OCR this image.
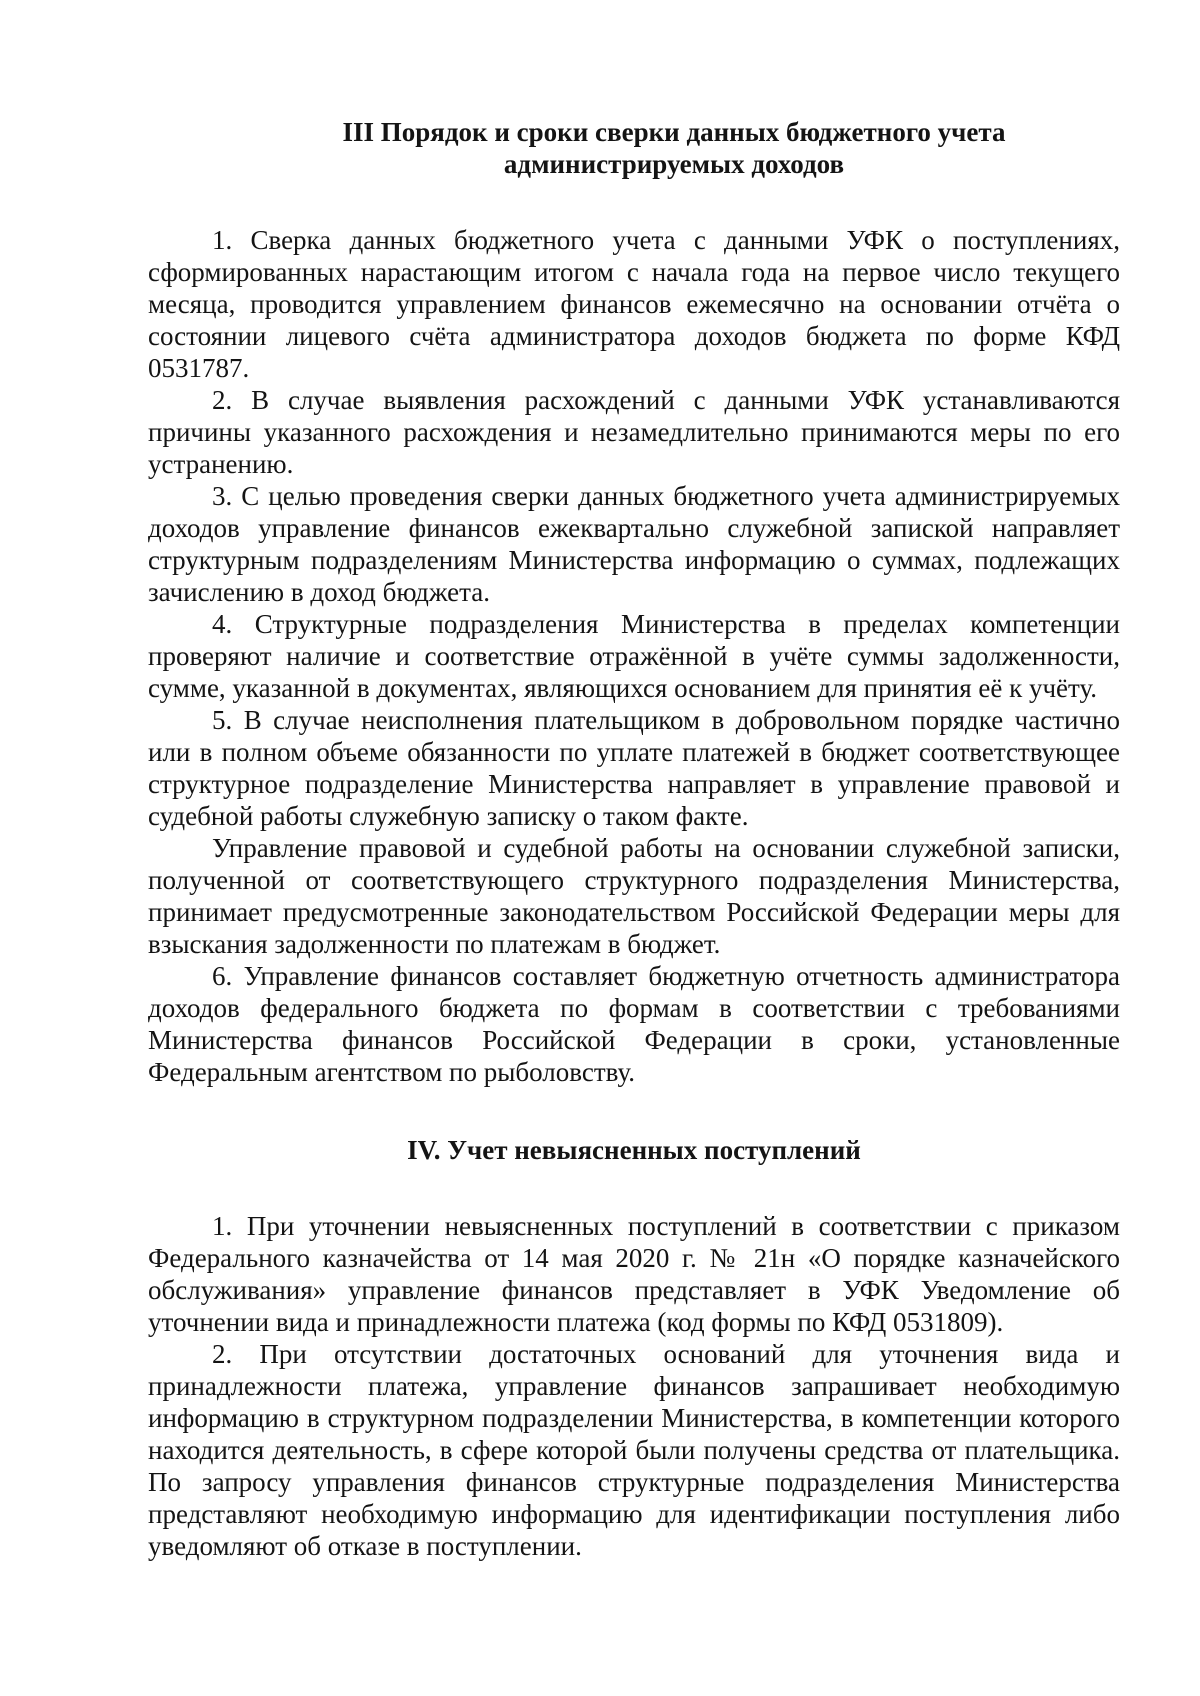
III Порядок и сроки сверки данных бюджетного учета
администрируемых доходов

1. Сверка данных бюджетного учета с данными УФК о поступлениях, сформированных нарастающим итогом с начала года на первое число текущего месяца, проводится управлением финансов ежемесячно на основании отчёта о состоянии лицевого счёта администратора доходов бюджета по форме КФД 0531787.

2. В случае выявления расхождений с данными УФК устанавливаются причины указанного расхождения и незамедлительно принимаются меры по его устранению.

3. С целью проведения сверки данных бюджетного учета администрируемых доходов управление финансов ежеквартально служебной запиской направляет структурным подразделениям Министерства информацию о суммах, подлежащих зачислению в доход бюджета.

4. Структурные подразделения Министерства в пределах компетенции проверяют наличие и соответствие отражённой в учёте суммы задолженности, сумме, указанной в документах, являющихся основанием для принятия её к учёту.

5. В случае неисполнения плательщиком в добровольном порядке частично или в полном объеме обязанности по уплате платежей в бюджет соответствующее структурное подразделение Министерства направляет в управление правовой и судебной работы служебную записку о таком факте.

Управление правовой и судебной работы на основании служебной записки, полученной от соответствующего структурного подразделения Министерства, принимает предусмотренные законодательством Российской Федерации меры для взыскания задолженности по платежам в бюджет.

6. Управление финансов составляет бюджетную отчетность администратора доходов федерального бюджета по формам в соответствии с требованиями Министерства финансов Российской Федерации в сроки, установленные Федеральным агентством по рыболовству.

IV. Учет невыясненных поступлений

1. При уточнении невыясненных поступлений в соответствии с приказом Федерального казначейства от 14 мая 2020 г. № 21н «О порядке казначейского обслуживания» управление финансов представляет в УФК Уведомление об уточнении вида и принадлежности платежа (код формы по КФД 0531809).

2. При отсутствии достаточных оснований для уточнения вида и принадлежности платежа, управление финансов запрашивает необходимую информацию в структурном подразделении Министерства, в компетенции которого находится деятельность, в сфере которой были получены средства от плательщика. По запросу управления финансов структурные подразделения Министерства представляют необходимую информацию для идентификации поступления либо уведомляют об отказе в поступлении.
